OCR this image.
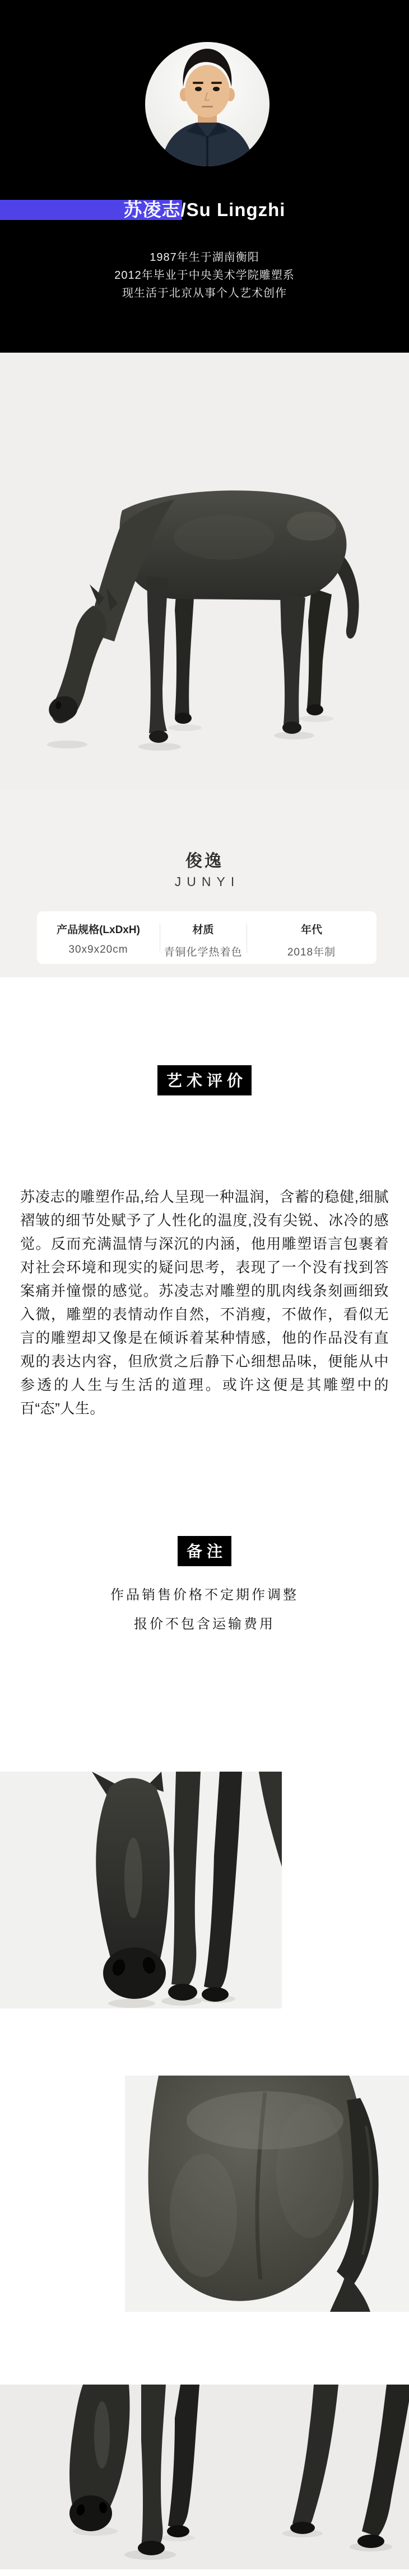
苏凌志/Su Lingzhi
1987年生于湖南衡阳
2012年毕业于中央美术学院雕塑系
现生活于北京从事个人艺术创作
俊逸
JUNYI
产品规格(LxDxH)
30x9x20cm
材质
青铜化学热着色
年代
2018年制
艺术评价
苏凌志的雕塑作品,给人呈现一种温润，含蓄的稳健,细腻褶皱的细节处赋予了人性化的温度,没有尖锐、冰冷的感觉。反而充满温情与深沉的内涵，他用雕塑语言包裹着对社会环境和现实的疑问思考，表现了一个没有找到答案痛并憧憬的感觉。苏凌志对雕塑的肌肉线条刻画细致入微，雕塑的表情动作自然，不消瘦，不做作，看似无言的雕塑却又像是在倾诉着某种情感，他的作品没有直观的表达内容，但欣赏之后静下心细想品味，便能从中参透的人生与生活的道理。或许这便是其雕塑中的百“态”人生。
备注
作品销售价格不定期作调整
报价不包含运输费用
